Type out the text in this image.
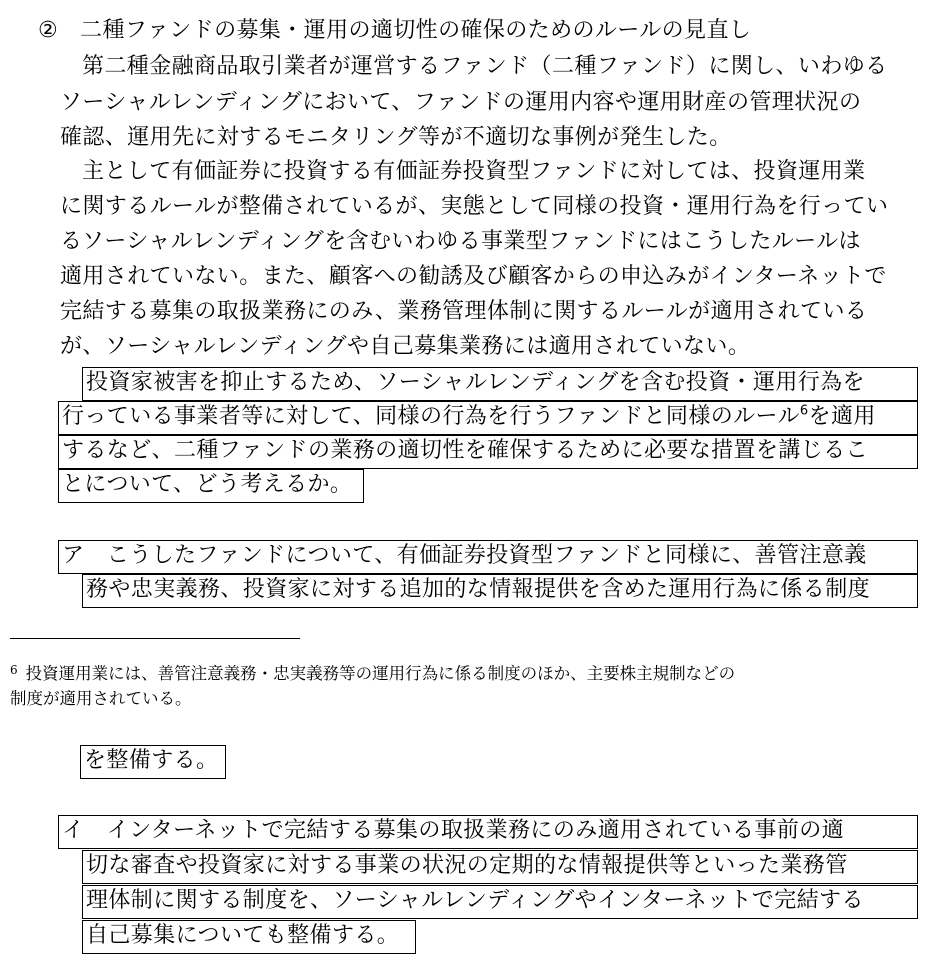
② 二種ファンドの募集・運用の適切性の確保のためのルールの見直し
第二種金融商品取引業者が運営するファンド（二種ファンド）に関し、いわゆる
ソーシャルレンディングにおいて、ファンドの運用内容や運用財産の管理状況の
確認、運用先に対するモニタリング等が不適切な事例が発生した。
主として有価証券に投資する有価証券投資型ファンドに対しては、投資運用業
に関するルールが整備されているが、実態として同様の投資・運用行為を行ってい
るソーシャルレンディングを含むいわゆる事業型ファンドにはこうしたルールは
適用されていない。また、顧客への勧誘及び顧客からの申込みがインターネットで
完結する募集の取扱業務にのみ、業務管理体制に関するルールが適用されている
が、ソーシャルレンディングや自己募集業務には適用されていない。
投資家被害を抑止するため、ソーシャルレンディングを含む投資・運用行為を
行っている事業者等に対して、同様の行為を行うファンドと同様のルール$^6$を適用
するなど、二種ファンドの業務の適切性を確保するために必要な措置を講じるこ
とについて、どう考えるか。
ア　こうしたファンドについて、有価証券投資型ファンドと同様に、善管注意義
務や忠実義務、投資家に対する追加的な情報提供を含めた運用行為に係る制度
$^6$ 投資運用業には、善管注意義務・忠実義務等の運用行為に係る制度のほか、主要株主規制などの
制度が適用されている。
を整備する。
イ　インターネットで完結する募集の取扱業務にのみ適用されている事前の適
切な審査や投資家に対する事業の状況の定期的な情報提供等といった業務管
理体制に関する制度を、ソーシャルレンディングやインターネットで完結する
自己募集についても整備する。
